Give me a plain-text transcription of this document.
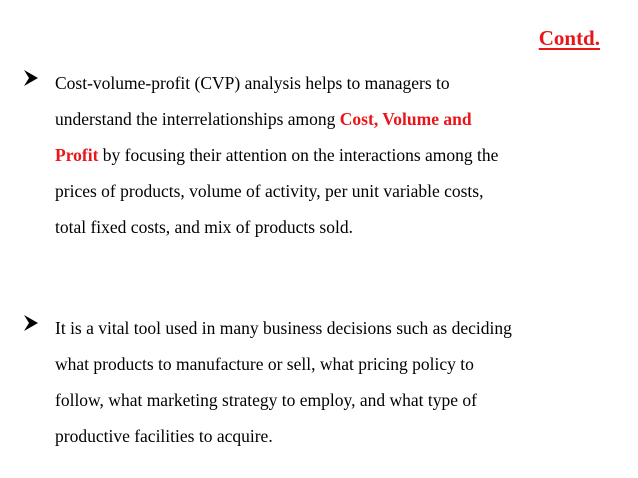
Contd.
Cost-volume-profit (CVP) analysis helps to managers to
understand the interrelationships among Cost, Volume and
Profit by focusing their attention on the interactions among the
prices of products, volume of activity, per unit variable costs,
total fixed costs, and mix of products sold.
It is a vital tool used in many business decisions such as deciding
what products to manufacture or sell, what pricing policy to
follow, what marketing strategy to employ, and what type of
productive facilities to acquire.
